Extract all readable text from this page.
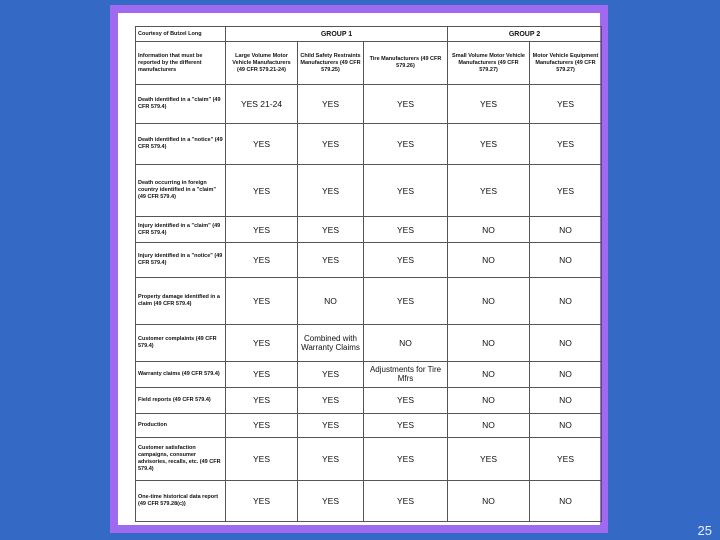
Courtesy of Butzel Long	GROUP 1			GROUP 2	
Information that must be reported by the different manufacturers	Large Volume Motor Vehicle Manufacturers (49 CFR 579.21-24)	Child Safety Restraints Manufacturers (49 CFR 579.25)	Tire Manufacturers (49 CFR 579.26)	Small Volume Motor Vehicle Manufacturers (49 CFR 579.27)	Motor Vehicle Equipment Manufacturers (49 CFR 579.27)
Death identified in a "claim" (49 CFR 579.4)	YES 21-24	YES	YES	YES	YES
Death identified in a "notice" (49 CFR 579.4)	YES	YES	YES	YES	YES
Death occurring in foreign country identified in a "claim" (49 CFR 579.4)	YES	YES	YES	YES	YES
Injury identified in a "claim" (49 CFR 579.4)	YES	YES	YES	NO	NO
Injury identified in a "notice" (49 CFR 579.4)	YES	YES	YES	NO	NO
Property damage identified in a claim (49 CFR 579.4)	YES	NO	YES	NO	NO
Customer complaints (49 CFR 579.4)	YES	Combined with Warranty Claims	NO	NO	NO
Warranty claims (49 CFR 579.4)	YES	YES	Adjustments for Tire Mfrs	NO	NO
Field reports (49 CFR 579.4)	YES	YES	YES	NO	NO
Production	YES	YES	YES	NO	NO
Customer satisfaction campaigns, consumer advisories, recalls, etc. (49 CFR 579.4)	YES	YES	YES	YES	YES
One-time historical data report (49 CFR 579.28(c))	YES	YES	YES	NO	NO
25
